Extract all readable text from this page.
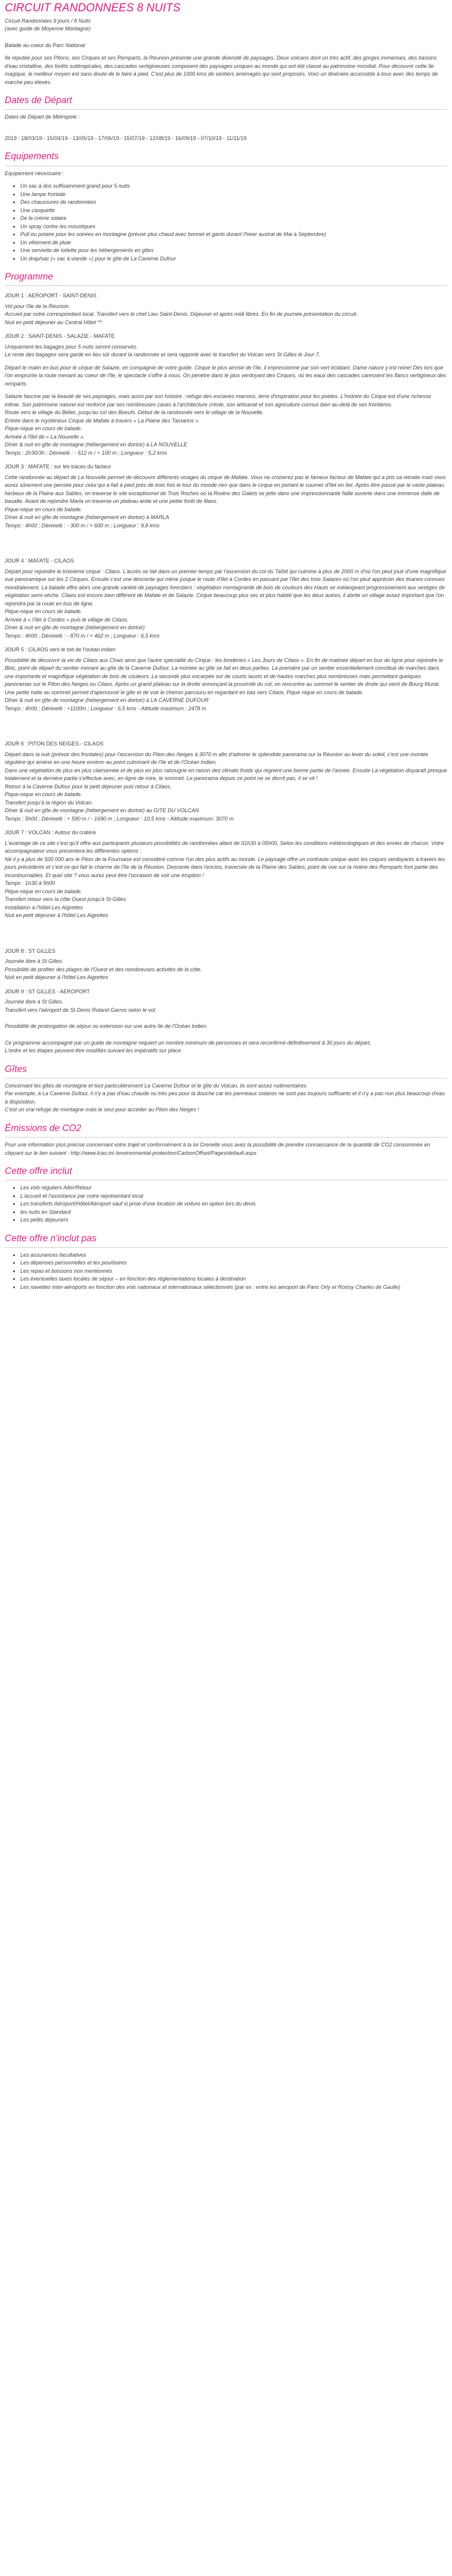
CIRCUIT RANDONNEES 8 NUITS
Circuit Randonnées 9 jours / 8 Nuits
(avec guide de Moyenne Montagne)

Balade au coeur du Parc National

Ile réputée pour ses Pitons, ses Cirques et ses Remparts, la Réunion présente une grande diversité de paysages. Deux volcans dont un très actif, des gorges immenses, des bassins d'eau cristalline, des forêts subtropicales, des cascades vertigineuses composent des paysages uniques au monde qui ont été classé au patrimoine mondial. Pour découvrir cette île magique, le meilleur moyen est sans doute de le faire à pied. C'est plus de 1000 kms de sentiers aménagés qui sont proposés. Voici un itinéraire accessible à tous avec des temps de marche peu élevés.

Dates de Départ

Dates de Départ de Métropole :

2019 : 18/03/19 - 15/04/19 - 13/05/19 - 17/06/19 - 15/07/19 - 12/08/19 - 16/09/19 - 07/10/19 - 11/11/19

Equipements

Equipement nécessaire :

• Un sac à dos suffisamment grand pour 5 nuits
• Une lampe frontale
• Des chaussures de randonnées
• Une casquette
• De la crème solaire
• Un spray contre les moustiques
• Pull ou polaire pour les soirées en montagne (prévoir plus chaud avec bonnet et gants durant l'hiver austral de Mai à Septembre)
• Un vêtement de pluie
• Une serviette de toilette pour les hébergements en gîtes
• Un drap/sac (« sac à viande ») pour le gîte de La Caverne Dufour
Programme
JOUR 1 : AEROPORT - SAINT-DENIS
Vol pour l'île de la Réunion.
Accueil par notre correspondant local. Transfert vers le chef Lieu Saint-Denis. Déjeuner et après midi libres. En fin de journée présentation du circuit.
Nuit en petit déjeuner au Central Hôtel **.
JOUR 2 : SAINT-DENIS - SALAZIE - MAFATE
Uniquement les bagages pour 5 nuits seront conservés.

Le reste des bagages sera gardé en lieu sûr durant la randonnée et sera rapporté avec le transfert du Volcan vers St Gilles le Jour 7.

Départ le matin en bus pour le cirque de Salazie, en compagnie de votre guide. Cirque le plus arrosé de l'île, il impressionne par son vert éclatant. Dame nature y est reine! Dès lors que l'on emprunte la route menant au coeur de l'île, le spectacle s'offre à nous. On pénètre dans le plus verdoyant des Cirques, où les eaux des cascades caressent les flancs vertigineux des remparts.

Salazie fascine par la beauté de ses paysages, mais aussi par son histoire : refuge des esclaves marrons, terre d'inspiration pour les poètes. L'histoire du Cirque est d'une richesse infinie. Son patrimoine naturel est renforcé par ses nombreuses cases à l'architecture créole, son artisanat et son agriculture connus bien au-delà de ses frontières.
Route vers le village du Bélier, jusqu'au col des Boeufs. Début de la randonnée vers le village de la Nouvelle.
Entrée dans le mystérieux Cirque de Mafate à travers « La Plaine des Tamarins ».
Pique-nique en cours de balade.
Arrivée à l'îlet de « La Nouvelle ».
Dîner & nuit en gîte de montagne (hébergement en dortoir) à LA NOUVELLE
Temps : 2h30/3h ; Dénivelé : - 512 m / + 100 m ; Longueur : 5,2 kms
JOUR 3 : MAFATE : sur les traces du facteur
Cette randonnée au départ de La Nouvelle permet de découvrir différents visages du cirque de Mafate. Vous ne croiserez pas le fameux facteur de Mafate qui a pris sa retraite mais vous aurez sûrement une pensée pour celui qui a fait à pied près de trois fois le tour du monde rien que dans le cirque en portant le courrier d'îlet en îlet. Après être passé par le vaste plateau herbeux de la Plaine aux Sables, on traverse le site exceptionnel de Trois Roches où la Rivière des Galets se jette dans une impressionnante faille ouverte dans une immense dalle de basalte. Avant de rejoindre Marla on traverse un plateau aride et une petite forêt de filaos.
Pique-nique en cours de balade.
Dîner & nuit en gîte de montagne (hébergement en dortoir) à MARLA
Temps : 4h00 ; Dénivelé : - 300 m / + 600 m ; Longueur : 9,8 kms
JOUR 4 : MAFATE - CILAOS
Départ pour rejoindre le troisième cirque : Cilaos. L'accès se fait dans un premier temps par l'ascension du col du Taïbit qui culmine à plus de 2000 m d'où l'on peut jouir d'une magnifique vue panoramique sur les 2 Cirques. Ensuite c'est une descente qui mène jusque le route d'îlet à Cordes en passant par l'îlet des trois Salazes où l'on peut apprécier des tisanes connues mondialement. La balade offre alors une grande variété de paysages forestiers : végétation montagnarde de bois de couleurs des Hauts se mélangeant progressivement aux vestiges de végétation semi-sèche. Cilaos est encore bien différent de Mafate et de Salazie. Cirque beaucoup plus sec et plus habité que les deux autres, il abrite un village assez important que l'on rejoindra par la route en bus de ligne.
Pique-nique en cours de balade.
Arrivée à « l'îlet à Cordes » puis le village de Cilaos.
Dîner & nuit en gîte de montagne (hébergement en dortoir)
Temps : 4h00 ; Dénivelé : - 870 m / + 462 m ; Longueur : 6,5 kms
JOUR 5 : CILAOS vers le toit de l'océan indien
Possibilité de découvrir la vie de Cilaos aux Chais ainsi que l'autre spécialité du Cirque : les broderies « Les Jours de Cilaos ». En fin de matinée départ en bus de ligne pour rejoindre le Bloc, point de départ du sentier menant au gîte de la Caverne Dufour. La montée au gîte se fait en deux parties. La première par un sentier essentiellement constitué de marches dans une importante et magnifique végétation de bois de couleurs. La seconde plus escarpée sur de courts lacets et de hautes marches plus nombreuses mais permettant quelques panoramas sur le Piton des Neiges ou Cilaos. Après un grand plateau sur la droite annonçant la proximité du col, on rencontre au sommet le sentier de droite qui vient de Bourg Murat. Une petite halte au sommet permet d'apercevoir le gîte et de voir le chemin parcouru en regardant en bas vers Cilaos. Pique nique en cours de balade.
Dîner & nuit en gîte de montagne (hébergement en dortoir) à LA CAVERNE DUFOUR
Temps : 4h00 ; Dénivelé : +1100m ; Longueur : 6,5 kms - Altitude maximum : 2478 m
JOUR 6 : PITON DES NEIGES - CILAOS
Départ dans la nuit (prévoir des frontales) pour l'ascension du Piton des Neiges à 3070 m afin d'admirer le splendide panorama sur la Réunion au lever du soleil, c'est une montée régulière qui amène en une heure environ au point culminant de l'île et de l'Océan Indien.
Dans une végétation de plus en plus clairsemée et de plus en plus rabougrie en raison des climats froids qui règnent une bonne partie de l'année. Ensuite La végétation disparaît presque totalement et la dernière partie s'effectue avec, en ligne de mire, le sommet. Le panorama depuis ce point ne se décrit pas, il se vit !
Retour à la Caverne Dufour pour le petit déjeuner puis retour à Cilaos.
Pique-nique en cours de balade.
Transfert jusqu'à la région du Volcan.
Dîner & nuit en gîte de montagne (hébergement en dortoir) au GITE DU VOLCAN
Temps : 5h00 ; Dénivelé : + 590 m / - 1690 m ; Longueur : 10,5 kms - Altitude maximum: 3070 m
JOUR 7 : VOLCAN : Autour du cratère
L'avantage de ce site c'est qu'il offre aux participants plusieurs possibilités de randonnées allant de 01h30 à 05h00. Selon les conditions météorologiques et des envies de chacun. Votre accompagnateur vous présentera les différentes options :
Né il y a plus de 500 000 ans le Piton de la Fournaise est considéré comme l'un des plus actifs au monde. Le paysage offre un contraste unique avec les coques verdoyants à travers les jours précédents et c'est ce qui fait le charme de l'île de la Réunion. Descente dans l'enclos, traversée de la Plaine des Sables, point de vue sur la rivière des Remparts font partie des incontournables. Et quel site ? vous aurez peut être l'occasion de voir une éruption !
Temps : 1h30 à 5h00
Pique-nique en cours de balade.
Transfert retour vers la côte Ouest jusqu'à St Gilles.
Installation à l'hôtel Les Aigrettes
Nuit en petit déjeuner à l'hôtel Les Aigrettes
JOUR 8 : ST GILLES
Journée libre à St Gilles.
Possibilité de profiter des plages de l'Ouest et des nombreuses activités de la côte.
Nuit en petit déjeuner à l'hôtel Les Aigrettes
JOUR 9 : ST GILLES - AEROPORT
Journée libre à St Gilles.
Transfert vers l'aéroport de St Denis Roland Garros selon le vol.
Possibilité de prolongation de séjour ou extension sur une autre île de l'Océan Indien.
Ce programme accompagné par un guide de montagne requiert un nombre minimum de personnes et sera reconfirmé définitivement à 30 jours du départ.
L'ordre et les étapes peuvent être modifiés suivant les impératifs sur place.
Gîtes
Concernant les gîtes de montagne et tout particulièrement La Caverne Dufour et le gîte du Volcan, ils sont assez rudimentaires.
Par exemple, à La Caverne Dufour, il n'y a pas d'eau chaude ou très peu pour la douche car les panneaux solaires ne sont pas toujours suffisants et il n'y a pas non plus beaucoup d'eau à disposition.
C'est un vrai refuge de montagne mais le seul pour accéder au Piton des Neiges !
Émissions de CO2
Pour une information plus précise concernant votre trajet et conformément à la loi Grenelle vous avez la possibilité de prendre connaissance de la quantité de CO2 consommée en cliquant sur le lien suivant : http://www.lcao.int /environmental-protection/CarbonOffset/Pages/default.aspx
Cette offre inclut
• Les vols réguliers Aller/Retour
• L'accueil et l'assistance par notre représentant local
• Les transferts Aéroport/Hôtel/Aéroport sauf si prise d'une location de voiture en option lors du devis
• les nuits en Standard
• Les petits déjeuners
Cette offre n'inclut pas
• Les assurances facultatives
• Les dépenses personnelles et les pourboires
• Les repas et boissons non mentionnés
• Les éventuelles taxes locales de séjour – en fonction des réglementations locales à destination
• Les navettes inter-aéroports en fonction des vols nationaux et internationaux sélectionnés (par ex : entre les aéroport de Paris Orly et Roissy Charles de Gaulle)
